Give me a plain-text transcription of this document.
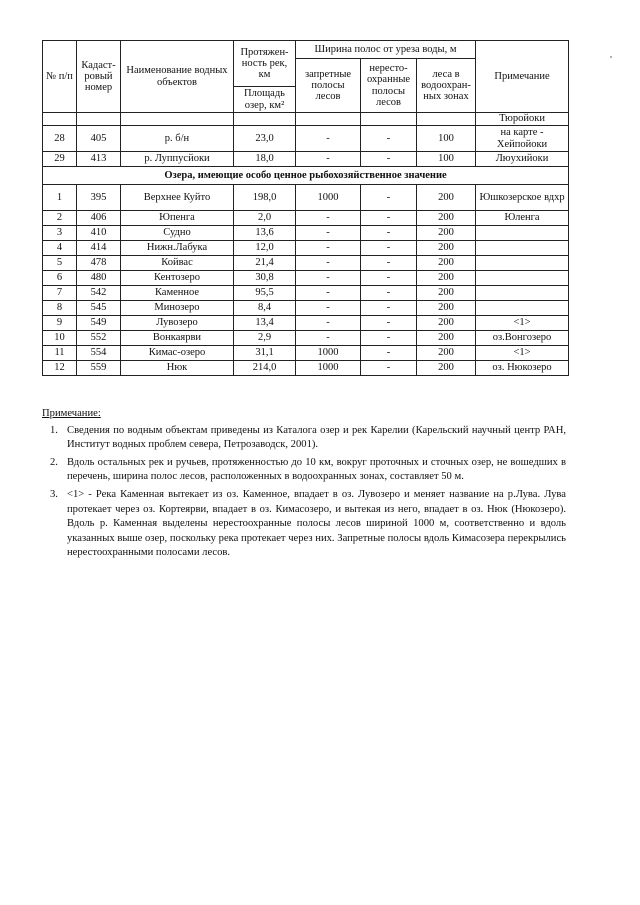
№ п/п	Кадаст-ровый номер	Наименование водных объектов	Протяжен-ность рек, км	Ширина полос от уреза воды, м			Примечание
				запретные полосы лесов	нересто-охранные полосы лесов	леса в водоохран-ных зонах	
			Площадь озер, км²				
							Тюройоки
28	405	р. б/н	23,0	-	-	100	на карте - Хейпойоки
29	413	р. Луппусйоки	18,0	-	-	100	Люухийоки
Озера, имеющие особо ценное рыбохозяйственное значение							
1	395	Верхнее Куйто	198,0	1000	-	200	Юшкозерское вдхр
2	406	Юпенга	2,0	-	-	200	Юленга
3	410	Судно	13,6	-	-	200	
4	414	Нижн.Лабука	12,0	-	-	200	
5	478	Койвас	21,4	-	-	200	
6	480	Кентозеро	30,8	-	-	200	
7	542	Каменное	95,5	-	-	200	
8	545	Минозеро	8,4	-	-	200	
9	549	Лувозеро	13,4	-	-	200	<1>
10	552	Вонкаярви	2,9	-	-	200	оз.Вонгозеро
11	554	Кимас-озеро	31,1	1000	-	200	<1>
12	559	Нюк	214,0	1000	-	200	оз. Нюкозеро
Примечание:
1. Сведения по водным объектам приведены из Каталога озер и рек Карелии (Карельский научный центр РАН, Институт водных проблем севера, Петрозаводск, 2001).
2. Вдоль остальных рек и ручьев, протяженностью до 10 км, вокруг проточных и сточных озер, не вошедших в перечень, ширина полос лесов, расположенных в водоохранных зонах, составляет 50 м.
3. <1> - Река Каменная вытекает из оз. Каменное, впадает в оз. Лувозеро и меняет название на р.Лува. Лува протекает через оз. Кортеярви, впадает в оз. Кимасозеро, и вытекая из него, впадает в оз. Нюк (Нюкозеро). Вдоль р. Каменная выделены нерестоохранные полосы лесов шириной 1000 м, соответственно и вдоль указанных выше озер, поскольку река протекает через них. Запретные полосы вдоль Кимасозера перекрылись нерестоохранными полосами лесов.
